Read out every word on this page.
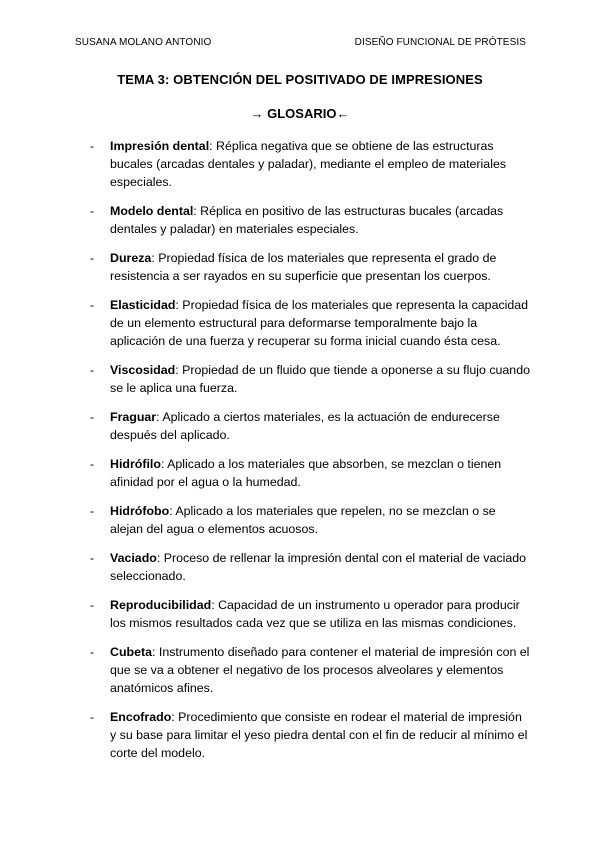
SUSANA MOLANO ANTONIO	DISEÑO FUNCIONAL DE PRÓTESIS
TEMA 3: OBTENCIÓN DEL POSITIVADO DE IMPRESIONES
→ GLOSARIO←
- Impresión dental: Réplica negativa que se obtiene de las estructuras bucales (arcadas dentales y paladar), mediante el empleo de materiales especiales.
- Modelo dental: Réplica en positivo de las estructuras bucales (arcadas dentales y paladar) en materiales especiales.
- Dureza: Propiedad física de los materiales que representa el grado de resistencia a ser rayados en su superficie que presentan los cuerpos.
- Elasticidad: Propiedad física de los materiales que representa la capacidad de un elemento estructural para deformarse temporalmente bajo la aplicación de una fuerza y recuperar su forma inicial cuando ésta cesa.
- Viscosidad: Propiedad de un fluido que tiende a oponerse a su flujo cuando se le aplica una fuerza.
- Fraguar: Aplicado a ciertos materiales, es la actuación de endurecerse después del aplicado.
- Hidrófilo: Aplicado a los materiales que absorben, se mezclan o tienen afinidad por el agua o la humedad.
- Hidrófobo: Aplicado a los materiales que repelen, no se mezclan o se alejan del agua o elementos acuosos.
- Vaciado: Proceso de rellenar la impresión dental con el material de vaciado seleccionado.
- Reproducibilidad: Capacidad de un instrumento u operador para producir los mismos resultados cada vez que se utiliza en las mismas condiciones.
- Cubeta: Instrumento diseñado para contener el material de impresión con el que se va a obtener el negativo de los procesos alveolares y elementos anatómicos afines.
- Encofrado: Procedimiento que consiste en rodear el material de impresión y su base para limitar el yeso piedra dental con el fin de reducir al mínimo el corte del modelo.
